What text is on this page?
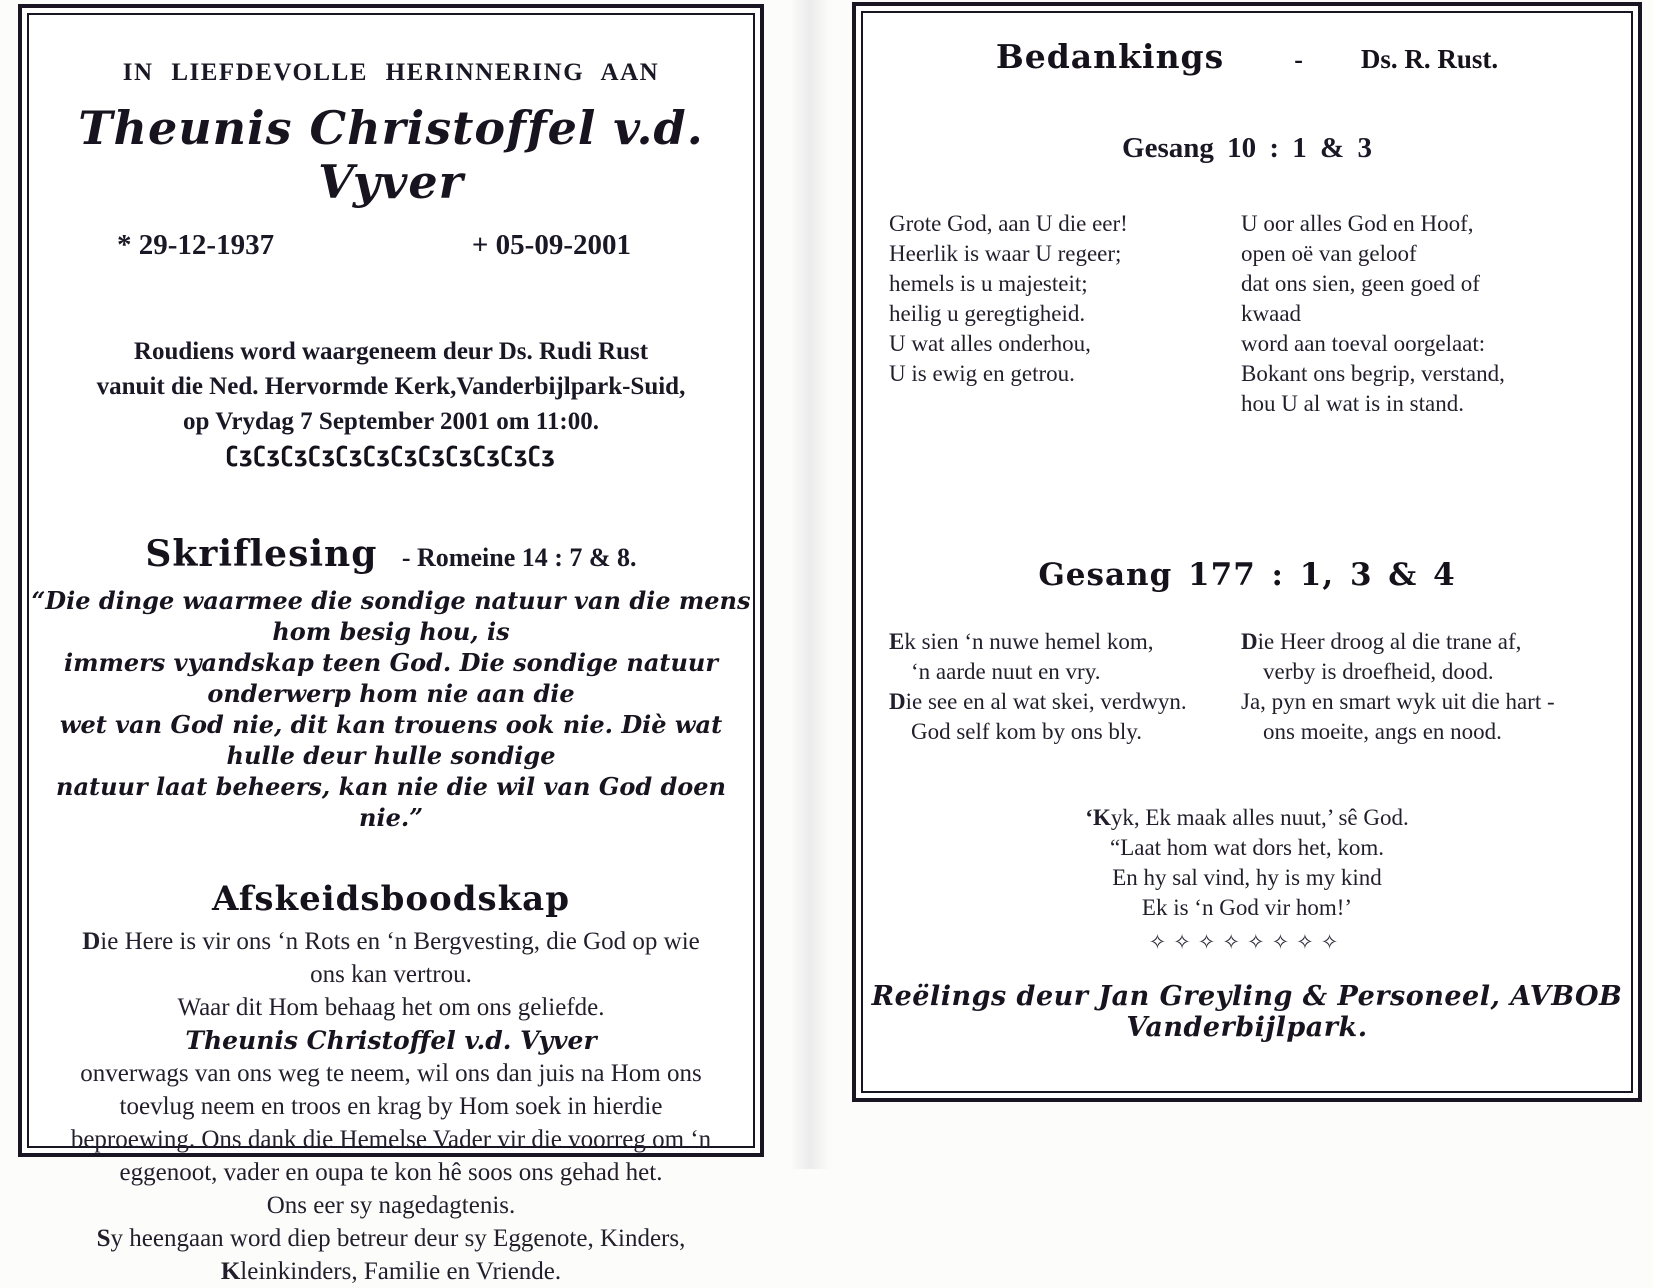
IN LIEFDEVOLLE HERINNERING AAN
Theunis Christoffel v.d. Vyver
* 29-12-1937	+ 05-09-2001
Roudiens word waargeneem deur Ds. Rudi Rust
vanuit die Ned. Hervormde Kerk,Vanderbijlpark-Suid,
op Vrydag 7 September 2001 om 11:00.
ʗʒʗʒʗʒʗʒʗʒʗʒʗʒʗʒʗʒʗʒʗʒʗʒ
Skriflesing - Romeine 14 : 7 & 8.
“Die dinge waarmee die sondige natuur van die mens hom besig hou, is
immers vyandskap teen God. Die sondige natuur onderwerp hom nie aan die
wet van God nie, dit kan trouens ook nie. Diè wat hulle deur hulle sondige
natuur laat beheers, kan nie die wil van God doen nie.”
Afskeidsboodskap
Die Here is vir ons ‘n Rots en ‘n Bergvesting, die God op wie
ons kan vertrou.
Waar dit Hom behaag het om ons geliefde.
Theunis Christoffel v.d. Vyver
onverwags van ons weg te neem, wil ons dan juis na Hom ons
toevlug neem en troos en krag by Hom soek in hierdie
beproewing. Ons dank die Hemelse Vader vir die voorreg om ‘n
eggenoot, vader en oupa te kon hê soos ons gehad het.
Ons eer sy nagedagtenis.
Sy heengaan word diep betreur deur sy Eggenote, Kinders,
Kleinkinders, Familie en Vriende.
Bedankings	- Ds. R. Rust.
Gesang 10 : 1 & 3
Grote God, aan U die eer!
Heerlik is waar U regeer;
hemels is u majesteit;
heilig u geregtigheid.
U wat alles onderhou,
U is ewig en getrou.
U oor alles God en Hoof,
open oë van geloof
dat ons sien, geen goed of
kwaad
word aan toeval oorgelaat:
Bokant ons begrip, verstand,
hou U al wat is in stand.
Gesang 177 : 1, 3 & 4
Ek sien ‘n nuwe hemel kom,
‘n aarde nuut en vry.
Die see en al wat skei, verdwyn.
God self kom by ons bly.
Die Heer droog al die trane af,
verby is droefheid, dood.
Ja, pyn en smart wyk uit die hart -
ons moeite, angs en nood.
‘Kyk, Ek maak alles nuut,’ sê God.
“Laat hom wat dors het, kom.
En hy sal vind, hy is my kind
Ek is ‘n God vir hom!’
✧✧✧✧✧✧✧✧
Reëlings deur Jan Greyling & Personeel, AVBOB Vanderbijlpark.
